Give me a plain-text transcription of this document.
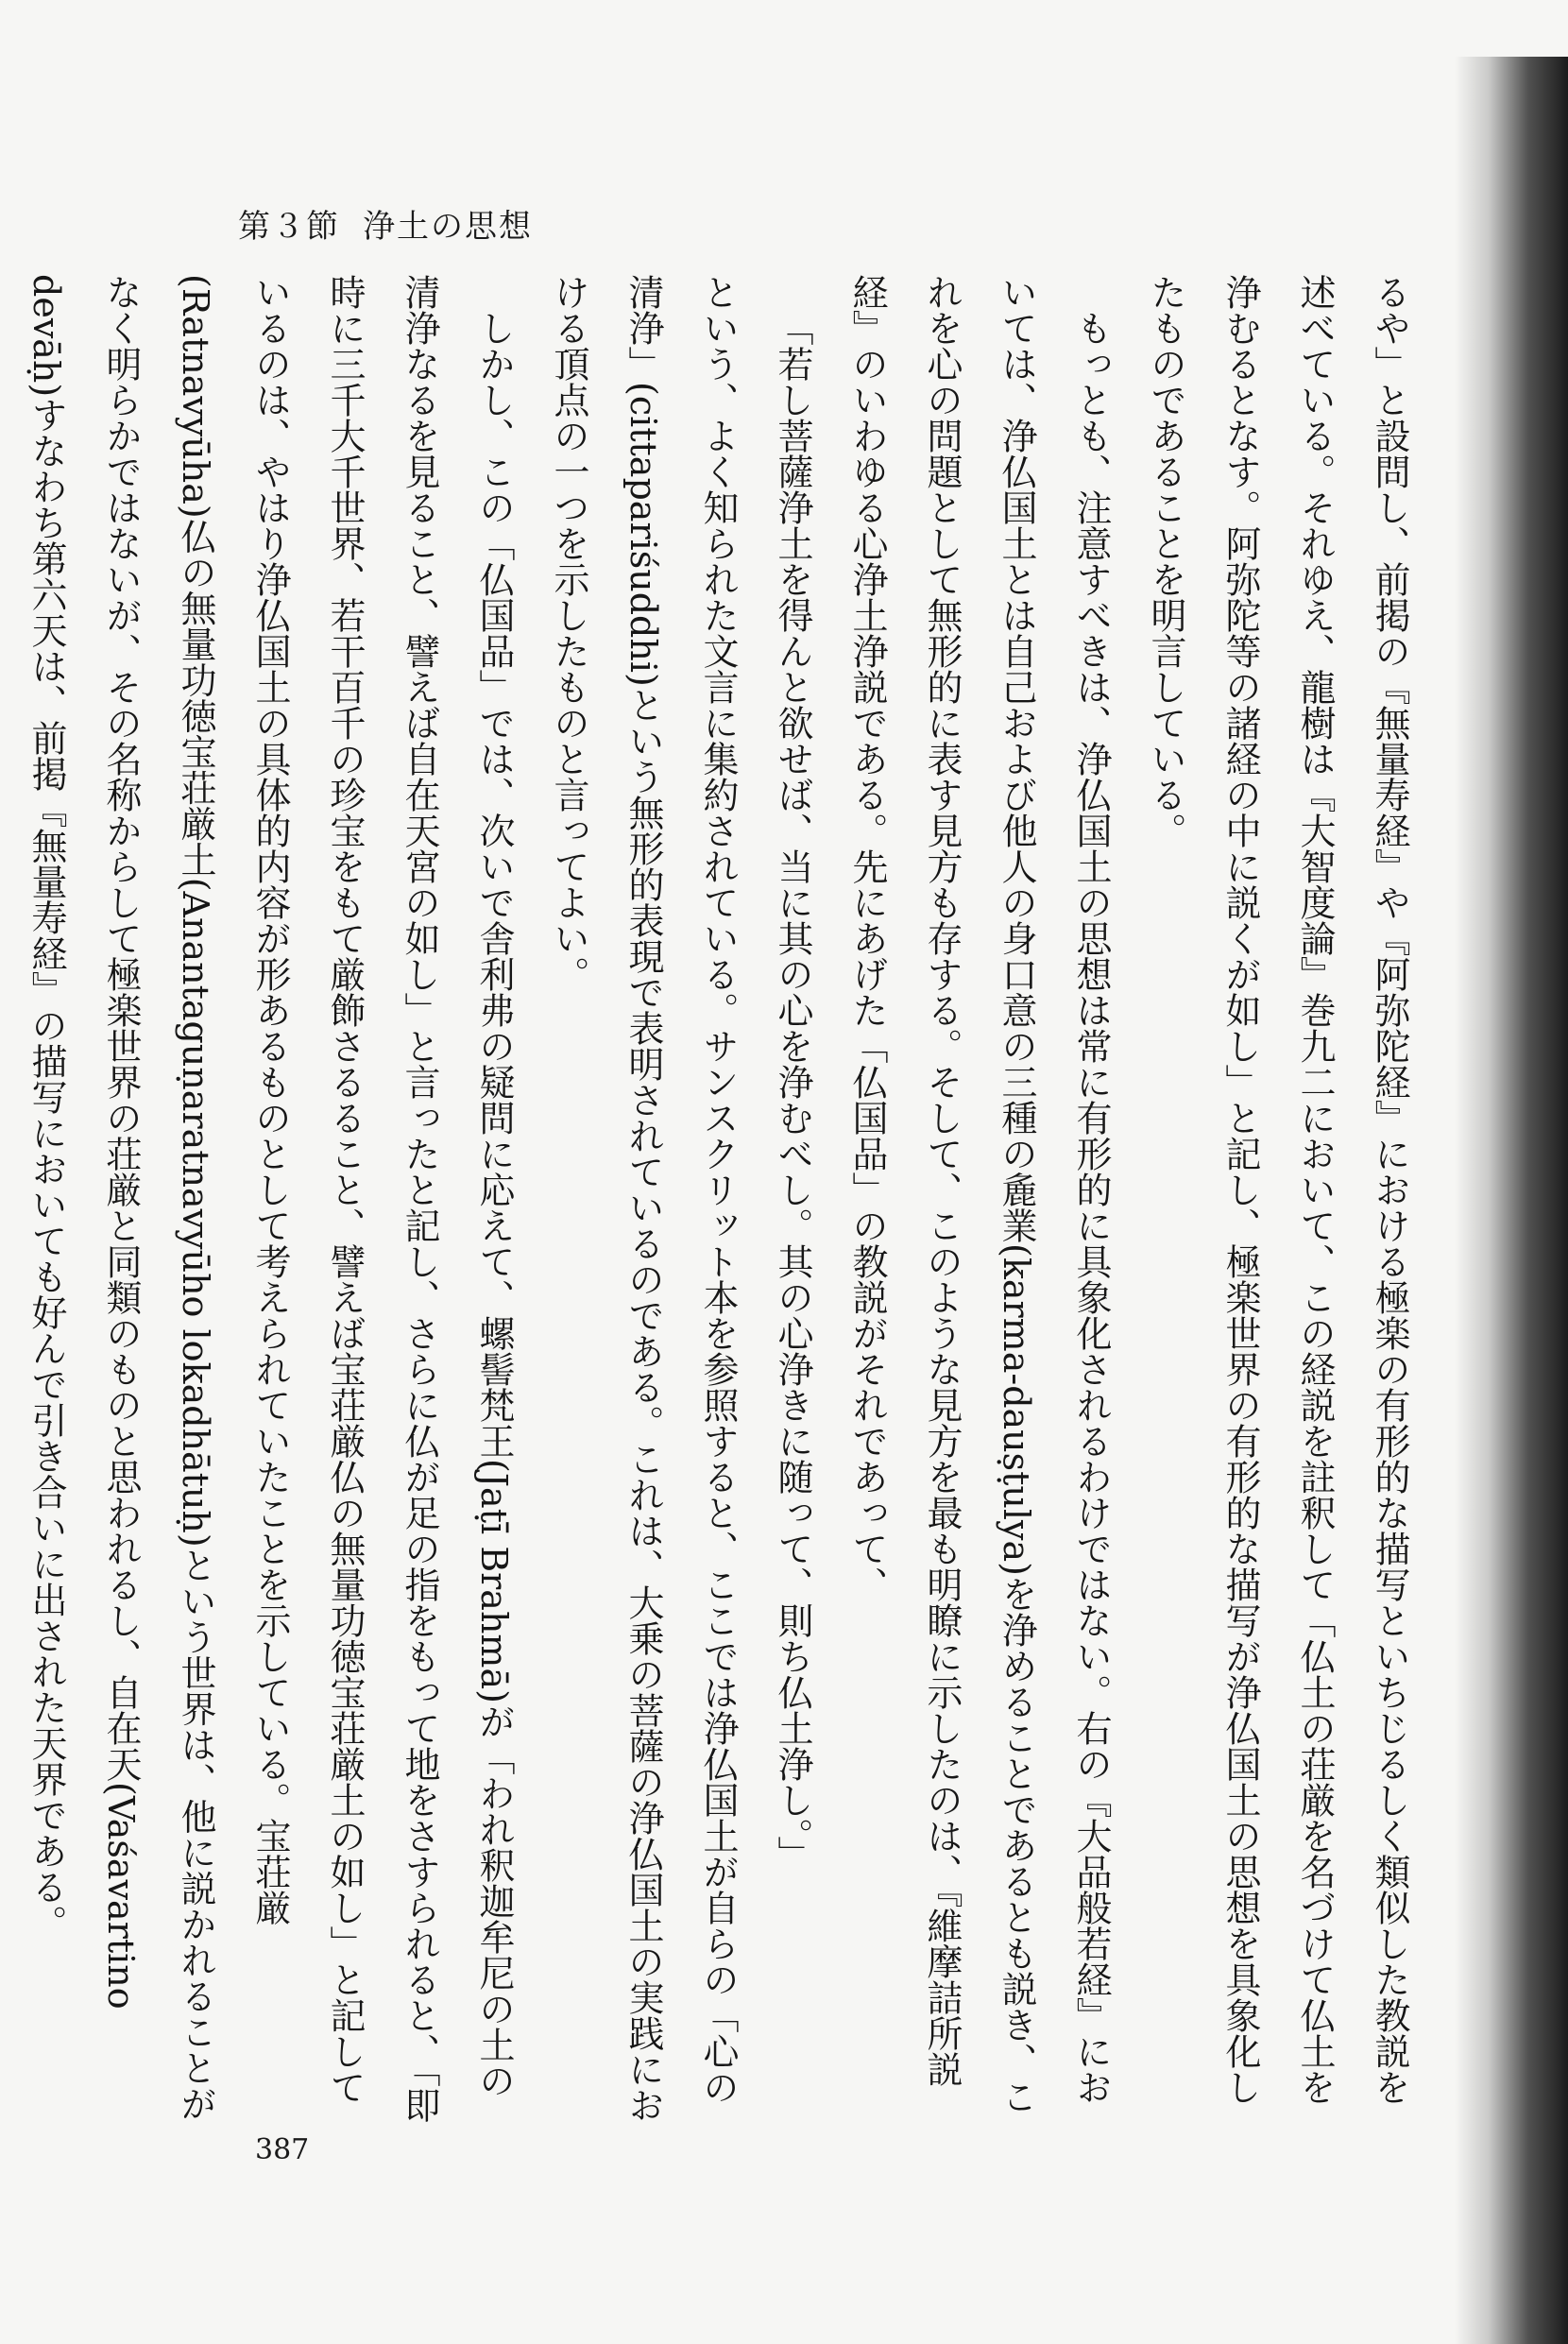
第３節 浄土の思想

るや」と設問し、前掲の『無量寿経』や『阿弥陀経』における極楽の有形的な描写といちじるしく類似した教説を述べている。それゆえ、龍樹は『大智度論』巻九二において、この経説を註釈して「仏土の荘厳を名づけて仏土を浄むるとなす。阿弥陀等の諸経の中に説くが如し」と記し、極楽世界の有形的な描写が浄仏国土の思想を具象化したものであることを明言している。

もっとも、注意すべきは、浄仏国土の思想は常に有形的に具象化されるわけではない。右の『大品般若経』においては、浄仏国土とは自己および他人の身口意の三種の麁業(karma-dauṣṭulya)を浄めることであるとも説き、これを心の問題として無形的に表す見方も存する。そして、このような見方を最も明瞭に示したのは、『維摩詰所説経』のいわゆる心浄土浄説である。先にあげた「仏国品」の教説がそれであって、

「若し菩薩浄土を得んと欲せば、当に其の心を浄むべし。其の心浄きに随って、則ち仏土浄し。」

という、よく知られた文言に集約されている。サンスクリット本を参照すると、ここでは浄仏国土が自らの「心の清浄」(cittapariśuddhi)という無形的表現で表明されているのである。これは、大乗の菩薩の浄仏国土の実践における頂点の一つを示したものと言ってよい。

しかし、この「仏国品」では、次いで舎利弗の疑問に応えて、螺髻梵王(Jaṭī Brahmā)が「われ釈迦牟尼の土の清浄なるを見ること、譬えば自在天宮の如し」と言ったと記し、さらに仏が足の指をもって地をさすられると、「即時に三千大千世界、若干百千の珍宝をもて厳飾さるること、譬えば宝荘厳仏の無量功徳宝荘厳土の如し」と記しているのは、やはり浄仏国土の具体的内容が形あるものとして考えられていたことを示している。宝荘厳(Ratnavyūha)仏の無量功徳宝荘厳土(Anantaguṇaratnavyūho lokadhātuḥ)という世界は、他に説かれることがなく明らかではないが、その名称からして極楽世界の荘厳と同類のものと思われるし、自在天(Vaśavartino devāḥ)すなわち第六天は、前掲『無量寿経』の描写においても好んで引き合いに出された天界である。

387
